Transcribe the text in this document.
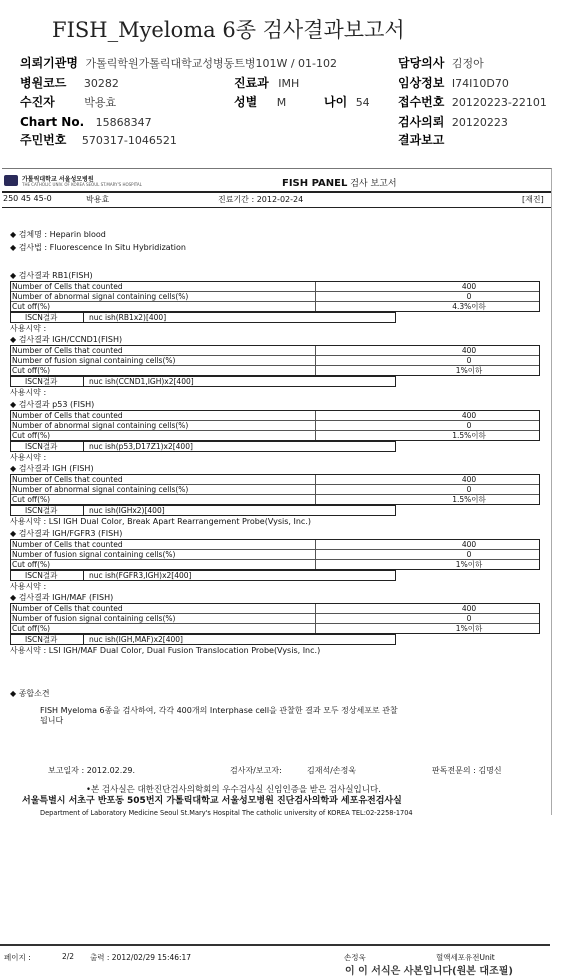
FISH_Myeloma 6종 검사결과보고서
의뢰기관명 가톨릭학원가톨릭대학교성병동트병101W / 01-102	담당의사 김정아
병원코드 30282	진료과 IMH	임상정보 I74I10D70
수진자	박용효	성별 M	나이 54 접수번호 20120223-22101
Chart No. 15868347	검사의뢰 20120223
주민번호 570317-1046521	결과보고
가톨릭대학교 서울성모병원
THE CATHOLIC UNIV. OF KOREA SEOUL ST.MARY'S HOSPITAL	FISH PANEL 검사 보고서
250 45 45-0	박용효	진료기간 : 2012-02-24	[재진]
◆ 검체명 : Heparin blood
◆ 검사법 : Fluorescence In Situ Hybridization
◆ 검사결과 RB1(FISH)
Number of Cells that counted	400
Number of abnormal signal containing cells(%)	0
Cut off(%)	4.3%이하
ISCN결과	nuc ish(RB1x2)[400]
사용시약 :
◆ 검사결과 IGH/CCND1(FISH)
Number of Cells that counted	400
Number of fusion signal containing cells(%)	0
Cut off(%)	1%이하
ISCN결과	nuc ish(CCND1,IGH)x2[400]
사용시약 :
◆ 검사결과 p53 (FISH)
Number of Cells that counted	400
Number of abnormal signal containing cells(%)	0
Cut off(%)	1.5%이하
ISCN결과	nuc ish(p53,D17Z1)x2[400]
사용시약 :
◆ 검사결과 IGH (FISH)
Number of Cells that counted	400
Number of abnormal signal containing cells(%)	0
Cut off(%)	1.5%이하
ISCN결과	nuc ish(IGHx2)[400]
사용시약 : LSI IGH Dual Color, Break Apart Rearrangement Probe(Vysis, Inc.)
◆ 검사결과 IGH/FGFR3 (FISH)
Number of Cells that counted	400
Number of fusion signal containing cells(%)	0
Cut off(%)	1%이하
ISCN결과	nuc ish(FGFR3,IGH)x2[400]
사용시약 :
◆ 검사결과 IGH/MAF (FISH)
Number of Cells that counted	400
Number of fusion signal containing cells(%)	0
Cut off(%)	1%이하
ISCN결과	nuc ish(IGH,MAF)x2[400]
사용시약 : LSI IGH/MAF Dual Color, Dual Fusion Translocation Probe(Vysis, Inc.)
◆ 종합소견
FISH Myeloma 6종을 검사하여, 각각 400개의 Interphase cell을 관찰한 결과 모두 정상세포로 관찰
됩니다
보고일자 : 2012.02.29.	검사자/보고자:	김재석/손정욱	판독전문의 : 김명신
•본 검사실은 대한진단검사의학회의 우수검사실 신임인증을 받은 검사실입니다.
서울특별시 서초구 반포동 505번지 가톨릭대학교 서울성모병원 진단검사의학과 세포유전검사실
Department of Laboratory Medicine Seoul St.Mary's Hospital The catholic university of KOREA TEL:02-2258-1704
페이지 :	2/2 출력 : 2012/02/29 15:46:17	손정욱	혈액세포유전Unit
이 이 서식은 사본입니다(원본 대조필)
